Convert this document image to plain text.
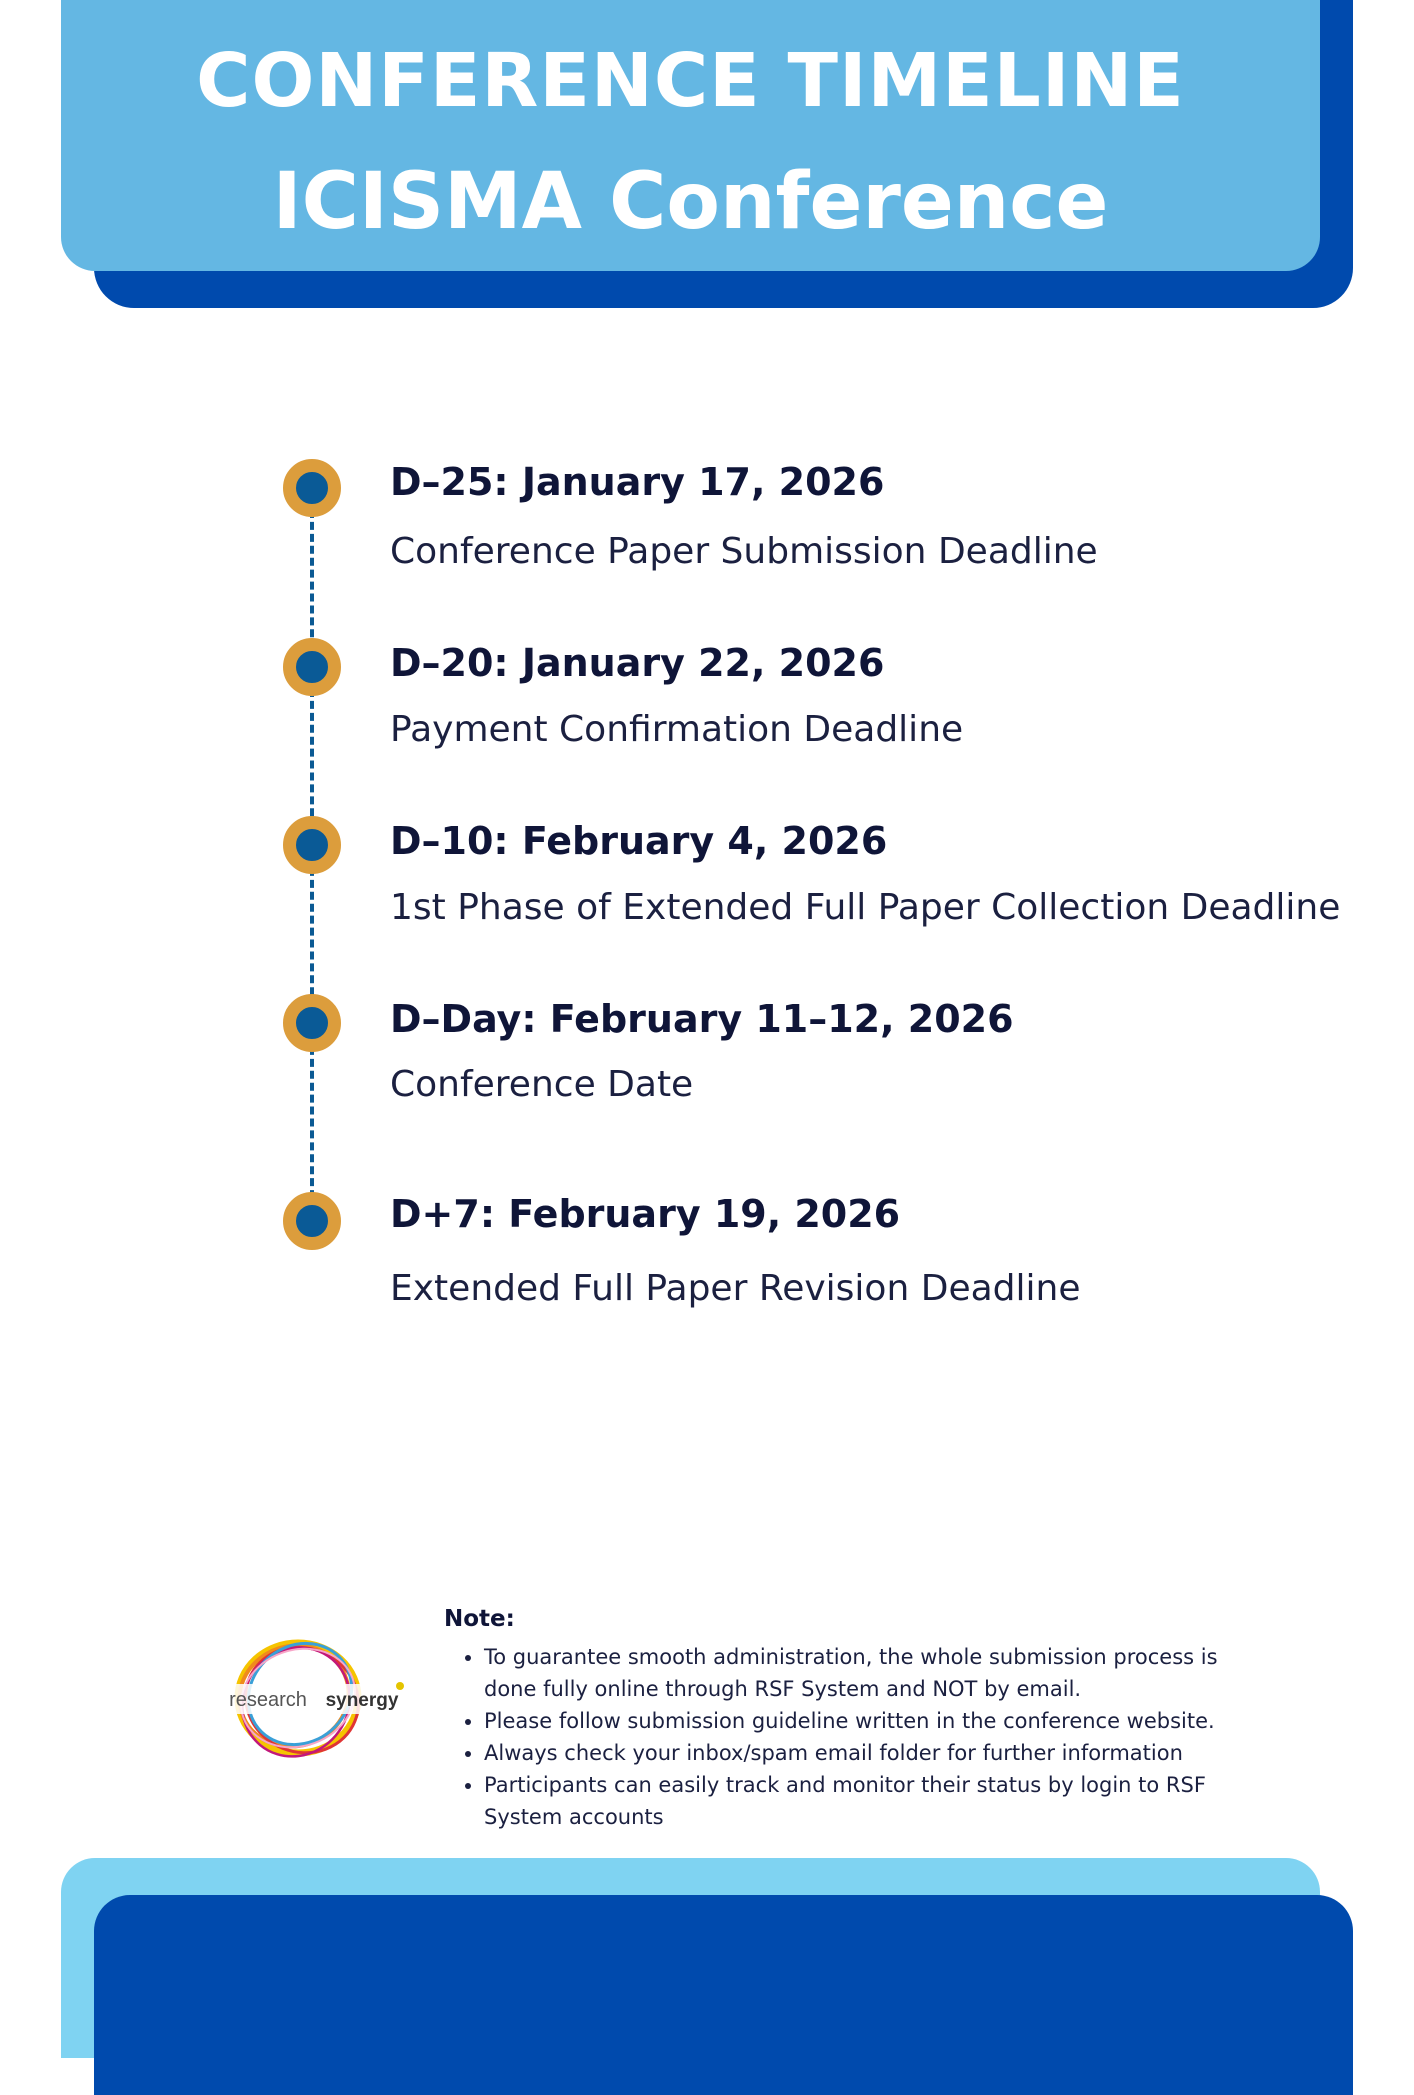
CONFERENCE TIMELINE
ICISMA Conference
D–25: January 17, 2026
Conference Paper Submission Deadline
D–20: January 22, 2026
Payment Confirmation Deadline
D–10: February 4, 2026
1st Phase of Extended Full Paper Collection Deadline
D–Day: February 11–12, 2026
Conference Date
D+7: February 19, 2026
Extended Full Paper Revision Deadline
research synergy
Note:
• To guarantee smooth administration, the whole submission process is done fully online through RSF System and NOT by email.
• Please follow submission guideline written in the conference website.
• Always check your inbox/spam email folder for further information
• Participants can easily track and monitor their status by login to RSF System accounts
